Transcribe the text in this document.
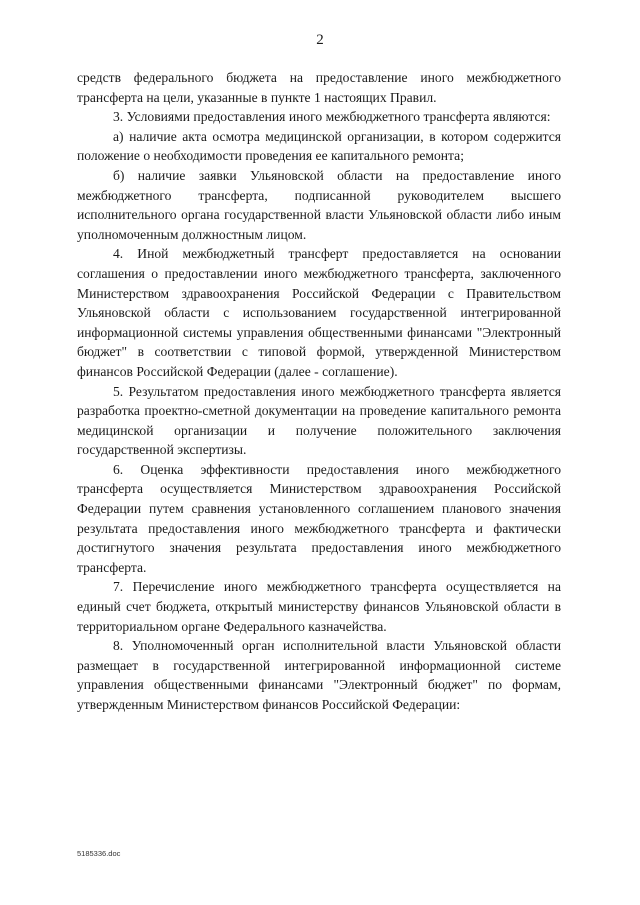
2

средств федерального бюджета на предоставление иного межбюджетного трансферта на цели, указанные в пункте 1 настоящих Правил.

3. Условиями предоставления иного межбюджетного трансферта являются:

а) наличие акта осмотра медицинской организации, в котором содержится положение о необходимости проведения ее капитального ремонта;

б) наличие заявки Ульяновской области на предоставление иного межбюджетного трансферта, подписанной руководителем высшего исполнительного органа государственной власти Ульяновской области либо иным уполномоченным должностным лицом.

4. Иной межбюджетный трансферт предоставляется на основании соглашения о предоставлении иного межбюджетного трансферта, заключенного Министерством здравоохранения Российской Федерации с Правительством Ульяновской области с использованием государственной интегрированной информационной системы управления общественными финансами "Электронный бюджет" в соответствии с типовой формой, утвержденной Министерством финансов Российской Федерации (далее - соглашение).

5. Результатом предоставления иного межбюджетного трансферта является разработка проектно-сметной документации на проведение капитального ремонта медицинской организации и получение положительного заключения государственной экспертизы.

6. Оценка эффективности предоставления иного межбюджетного трансферта осуществляется Министерством здравоохранения Российской Федерации путем сравнения установленного соглашением планового значения результата предоставления иного межбюджетного трансферта и фактически достигнутого значения результата предоставления иного межбюджетного трансферта.

7. Перечисление иного межбюджетного трансферта осуществляется на единый счет бюджета, открытый министерству финансов Ульяновской области в территориальном органе Федерального казначейства.

8. Уполномоченный орган исполнительной власти Ульяновской области размещает в государственной интегрированной информационной системе управления общественными финансами "Электронный бюджет" по формам, утвержденным Министерством финансов Российской Федерации:

5185336.doc
